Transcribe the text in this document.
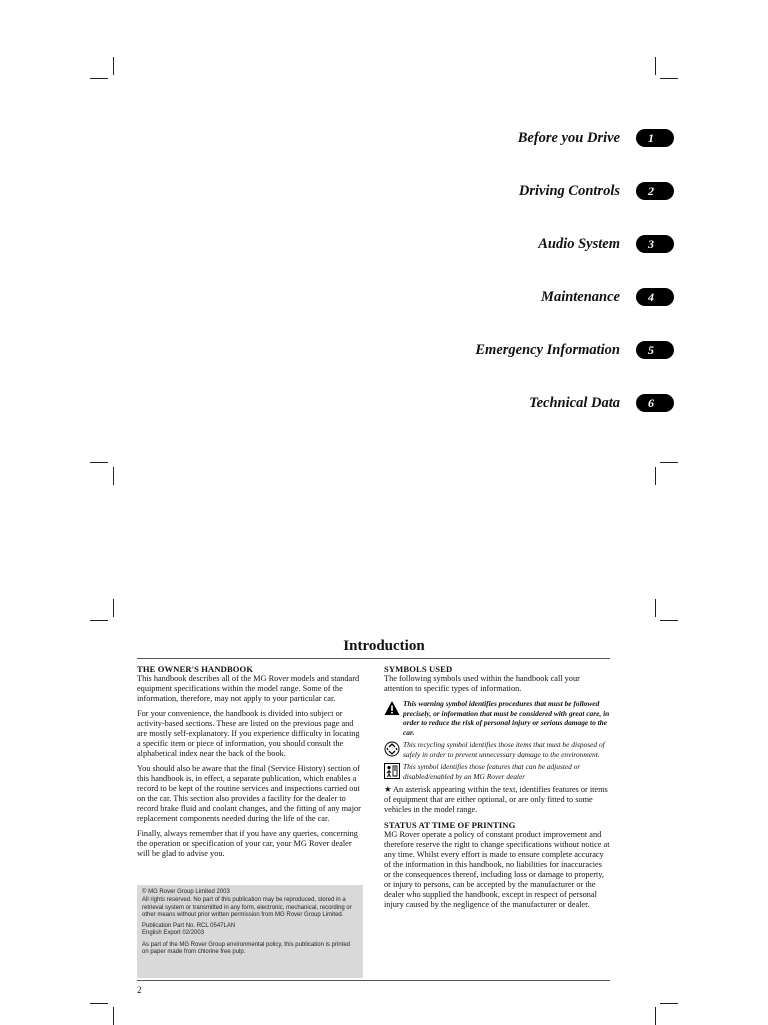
Before you Drive	1
Driving Controls	2
Audio System	3
Maintenance	4
Emergency Information	5
Technical Data	6
Introduction

THE OWNER'S HANDBOOK

This handbook describes all of the MG Rover models and standard equipment specifications within the model range. Some of the information, therefore, may not apply to your particular car.

For your convenience, the handbook is divided into subject or activity-based sections. These are listed on the previous page and are mostly self-explanatory. If you experience difficulty in locating a specific item or piece of information, you should consult the alphabetical index near the back of the book.

You should also be aware that the final (Service History) section of this handbook is, in effect, a separate publication, which enables a record to be kept of the routine services and inspections carried out on the car. This section also provides a facility for the dealer to record brake fluid and coolant changes, and the fitting of any major replacement components needed during the life of the car.

Finally, always remember that if you have any queries, concerning the operation or specification of your car, your MG Rover dealer will be glad to advise you.

SYMBOLS USED

The following symbols used within the handbook call your attention to specific types of information.

This warning symbol identifies procedures that must be followed precisely, or information that must be considered with great care, in order to reduce the risk of personal injury or serious damage to the car.
This recycling symbol identifies those items that must be disposed of safely in order to prevent unnecessary damage to the environment.
This symbol identifies those features that can be adjusted or disabled/enabled by an MG Rover dealer

★ An asterisk appearing within the text, identifies features or items of equipment that are either optional, or are only fitted to some vehicles in the model range.

STATUS AT TIME OF PRINTING

MG Rover operate a policy of constant product improvement and therefore reserve the right to change specifications without notice at any time. Whilst every effort is made to ensure complete accuracy of the information in this handbook, no liabilities for inaccuracies or the consequences thereof, including loss or damage to property, or injury to persons, can be accepted by the manufacturer or the dealer who supplied the handbook, except in respect of personal injury caused by the negligence of the manufacturer or dealer.

© MG Rover Group Limited 2003

All rights reserved. No part of this publication may be reproduced, stored in a retrieval system or transmitted in any form, electronic, mechanical, recording or other means without prior written permission from MG Rover Group Limited.

Publication Part No. RCL 0547LAN

English Export 02/2003

As part of the MG Rover Group environmental policy, this publication is printed on paper made from chlorine free pulp.

2
